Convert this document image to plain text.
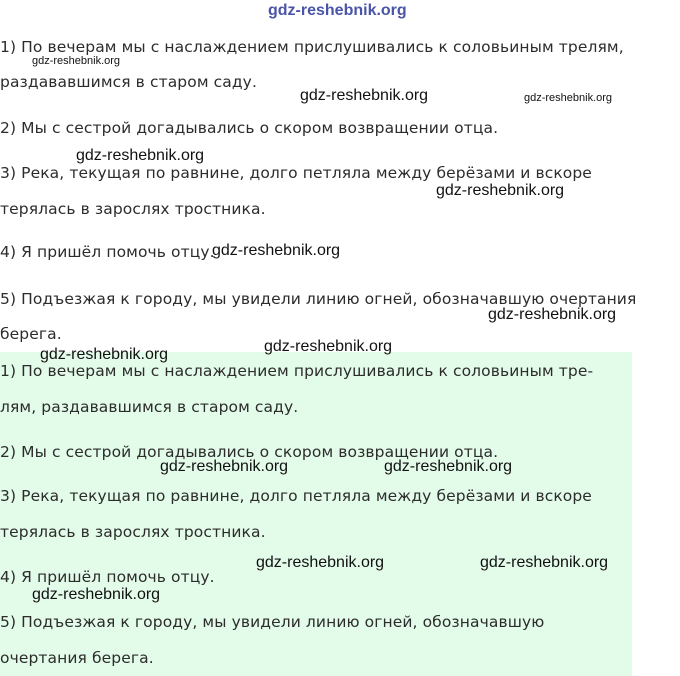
1) По вечерам мы с наслаждением прислушивались к соловьиным трелям,
раздававшимся в старом саду.
2) Мы с сестрой догадывались о скором возвращении отца.
3) Река, текущая по равнине, долго петляла между берёзами и вскоре
терялась в зарослях тростника.
4) Я пришёл помочь отцу.
5) Подъезжая к городу, мы увидели линию огней, обозначавшую очертания
берега.
1) По вечерам мы с наслаждением прислушивались к соловьиным тре-
лям, раздававшимся в старом саду.
2) Мы с сестрой догадывались о скором возвращении отца.
3) Река, текущая по равнине, долго петляла между берёзами и вскоре
терялась в зарослях тростника.
4) Я пришёл помочь отцу.
5) Подъезжая к городу, мы увидели линию огней, обозначавшую
очертания берега.
gdz-reshebnik.org
gdz-reshebnik.org
gdz-reshebnik.org	gdz-reshebnik.org
gdz-reshebnik.org
gdz-reshebnik.org
gdz-reshebnik.org
gdz-reshebnik.org
gdz-reshebnik.org
gdz-reshebnik.org
gdz-reshebnik.org	gdz-reshebnik.org
gdz-reshebnik.org	gdz-reshebnik.org
gdz-reshebnik.org
